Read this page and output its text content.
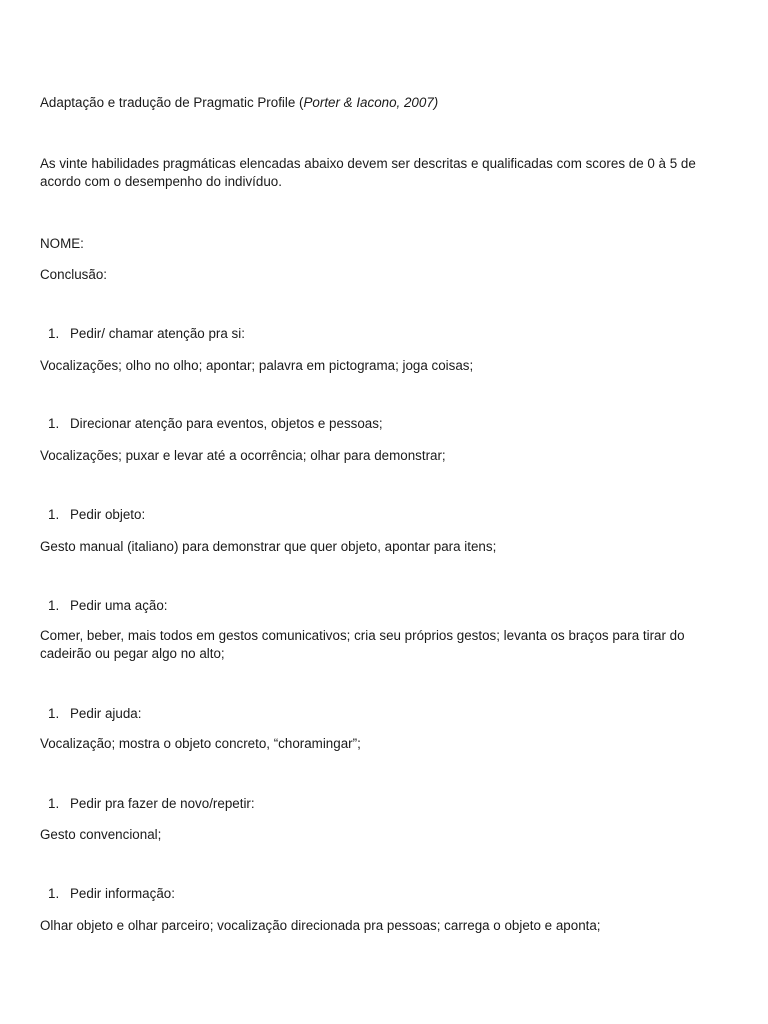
Adaptação e tradução de Pragmatic Profile (Porter & Iacono, 2007)

As vinte habilidades pragmáticas elencadas abaixo devem ser descritas e qualificadas com scores de 0 à 5 de acordo com o desempenho do indivíduo.

NOME:

Conclusão:

1. Pedir/ chamar atenção pra si:

Vocalizações; olho no olho; apontar; palavra em pictograma; joga coisas;

1. Direcionar atenção para eventos, objetos e pessoas;

Vocalizações; puxar e levar até a ocorrência; olhar para demonstrar;

1. Pedir objeto:

Gesto manual (italiano) para demonstrar que quer objeto, apontar para itens;

1. Pedir uma ação:

Comer, beber, mais todos em gestos comunicativos; cria seu próprios gestos; levanta os braços para tirar do cadeirão ou pegar algo no alto;

1. Pedir ajuda:

Vocalização; mostra o objeto concreto, “choramingar”;

1. Pedir pra fazer de novo/repetir:

Gesto convencional;

1. Pedir informação:

Olhar objeto e olhar parceiro; vocalização direcionada pra pessoas; carrega o objeto e aponta;
